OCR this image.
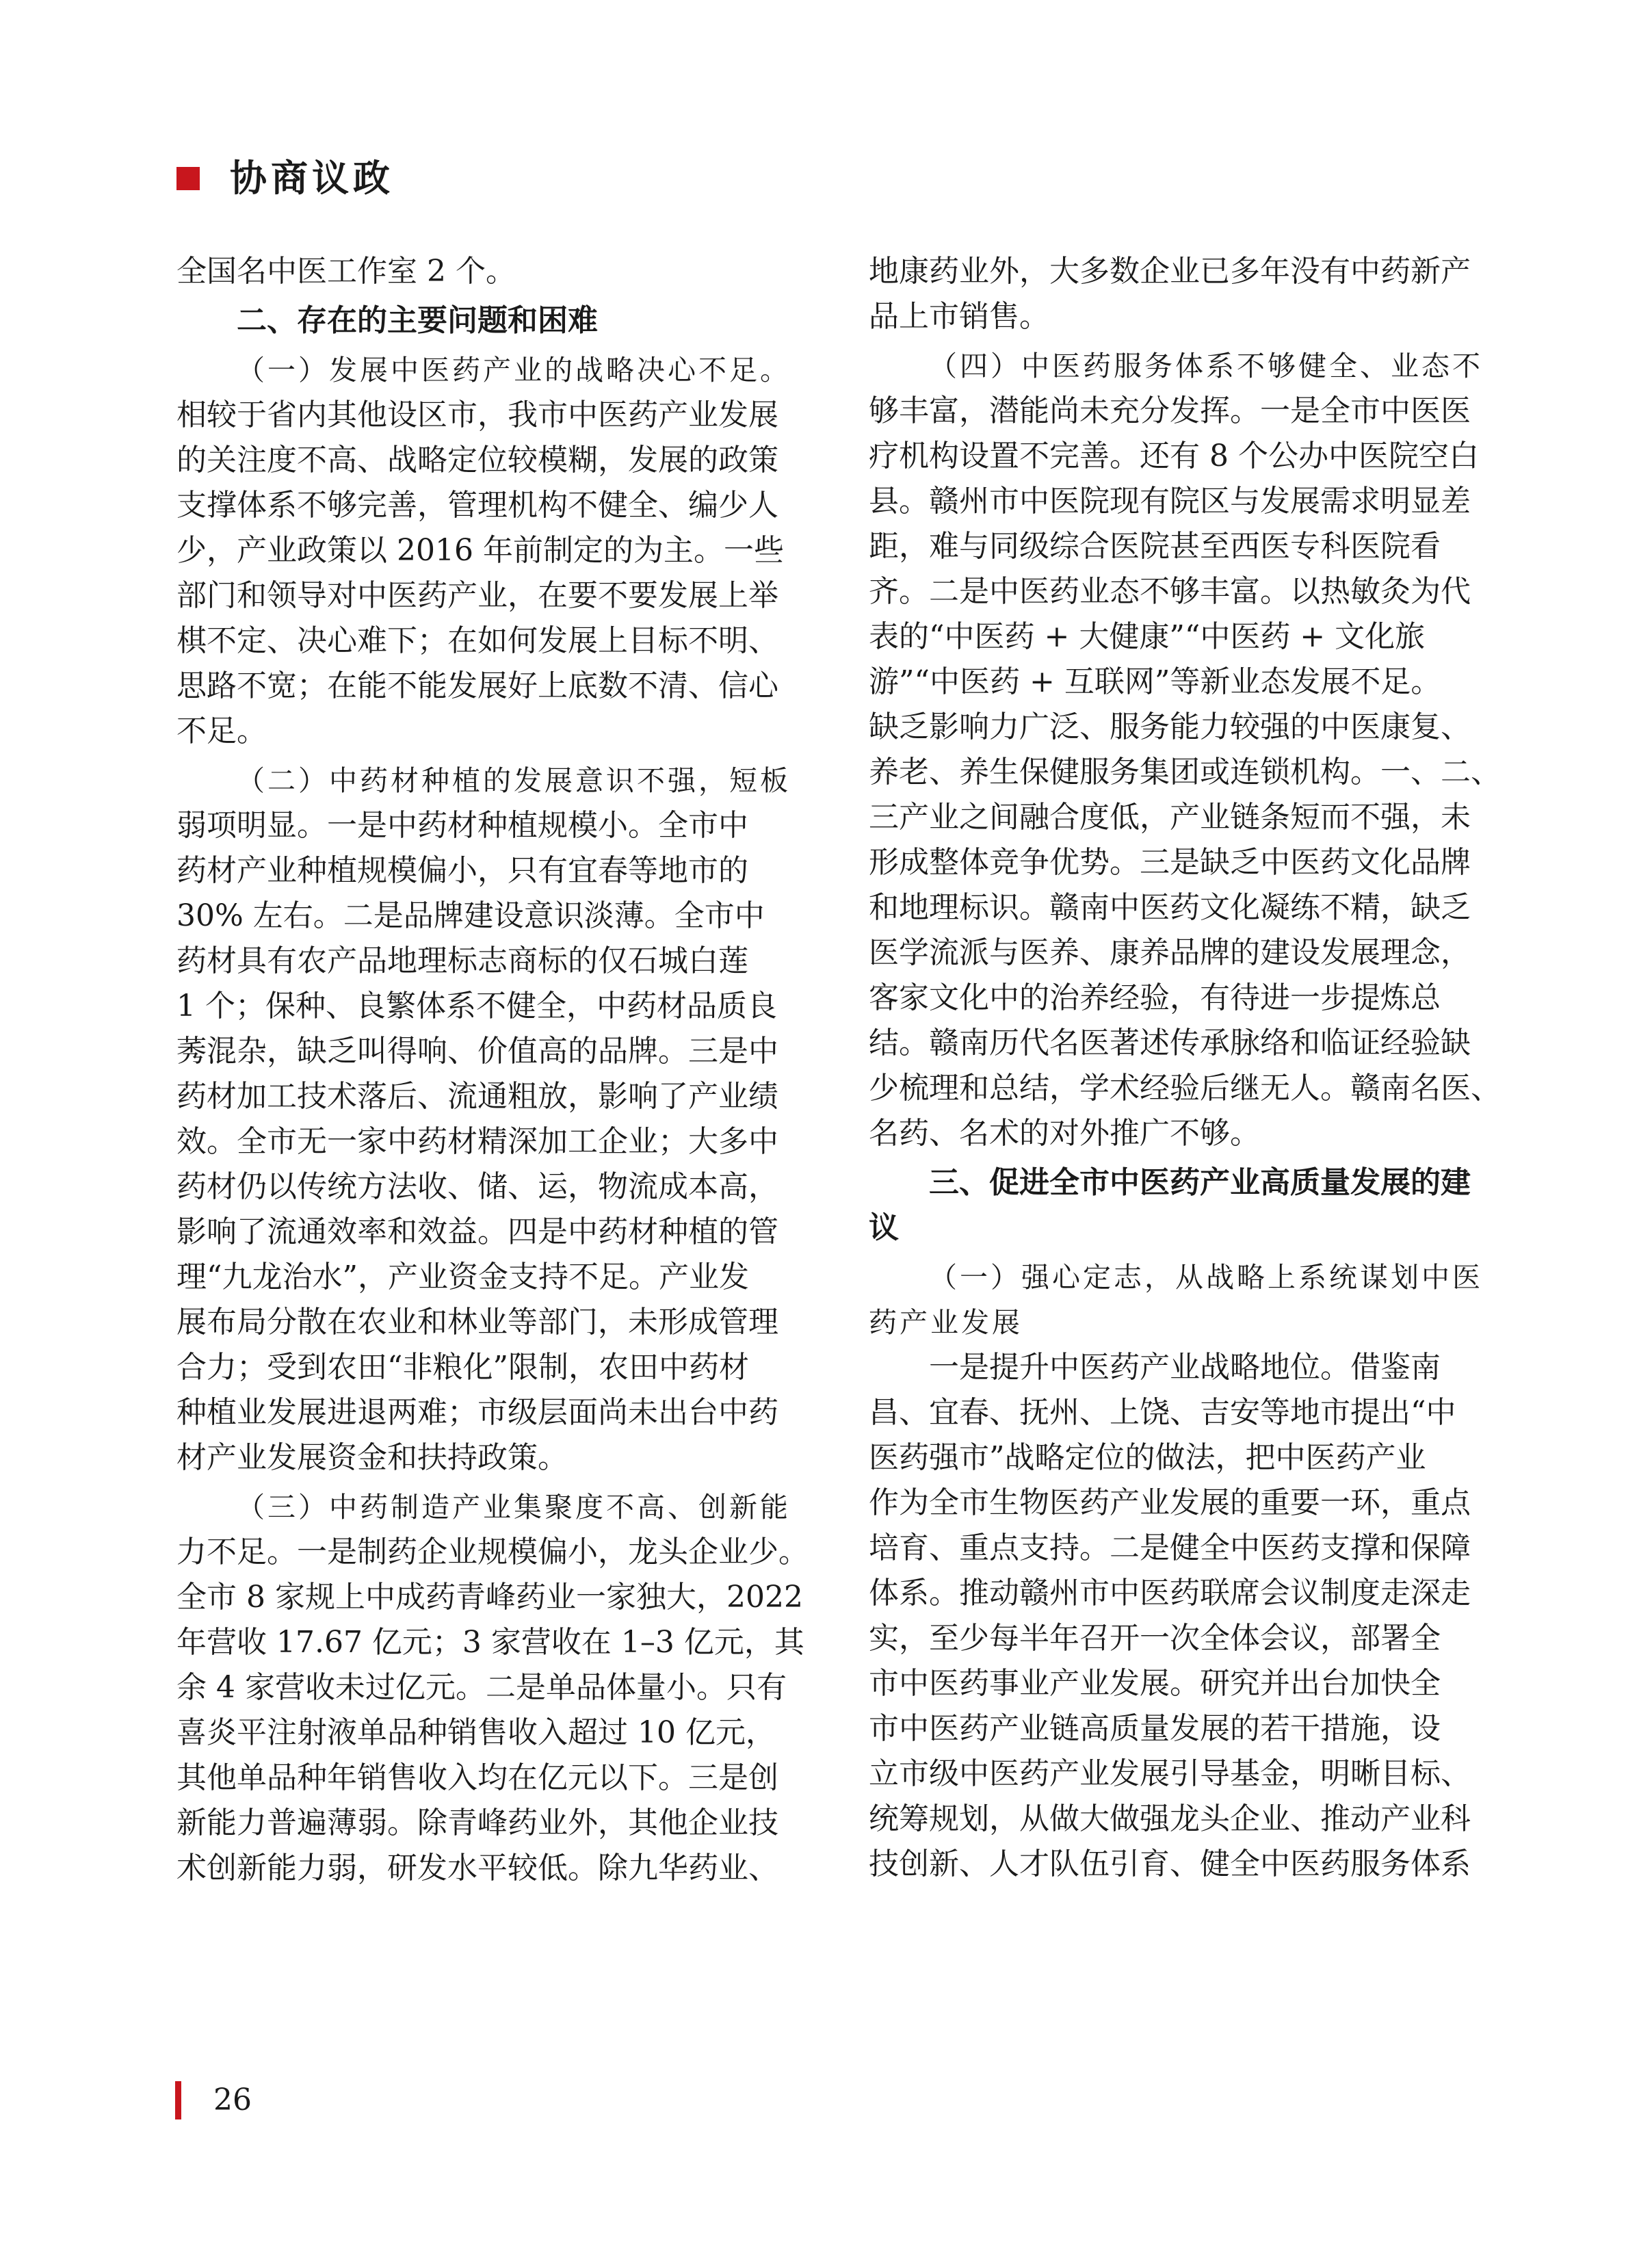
协商议政
全国名中医工作室 2 个。
二、存在的主要问题和困难
（一）发展中医药产业的战略决心不足。
相较于省内其他设区市，我市中医药产业发展
的关注度不高、战略定位较模糊，发展的政策
支撑体系不够完善，管理机构不健全、编少人
少，产业政策以 2016 年前制定的为主。一些
部门和领导对中医药产业，在要不要发展上举
棋不定、决心难下；在如何发展上目标不明、
思路不宽；在能不能发展好上底数不清、信心
不足。
（二）中药材种植的发展意识不强，短板
弱项明显。一是中药材种植规模小。全市中
药材产业种植规模偏小，只有宜春等地市的
30% 左右。二是品牌建设意识淡薄。全市中
药材具有农产品地理标志商标的仅石城白莲
1 个；保种、良繁体系不健全，中药材品质良
莠混杂，缺乏叫得响、价值高的品牌。三是中
药材加工技术落后、流通粗放，影响了产业绩
效。全市无一家中药材精深加工企业；大多中
药材仍以传统方法收、储、运，物流成本高，
影响了流通效率和效益。四是中药材种植的管
理“九龙治水”，产业资金支持不足。产业发
展布局分散在农业和林业等部门，未形成管理
合力；受到农田“非粮化”限制，农田中药材
种植业发展进退两难；市级层面尚未出台中药
材产业发展资金和扶持政策。
（三）中药制造产业集聚度不高、创新能
力不足。一是制药企业规模偏小，龙头企业少。
全市 8 家规上中成药青峰药业一家独大，2022
年营收 17.67 亿元；3 家营收在 1–3 亿元，其
余 4 家营收未过亿元。二是单品体量小。只有
喜炎平注射液单品种销售收入超过 10 亿元，
其他单品种年销售收入均在亿元以下。三是创
新能力普遍薄弱。除青峰药业外，其他企业技
术创新能力弱，研发水平较低。除九华药业、
地康药业外，大多数企业已多年没有中药新产
品上市销售。
（四）中医药服务体系不够健全、业态不
够丰富，潜能尚未充分发挥。一是全市中医医
疗机构设置不完善。还有 8 个公办中医院空白
县。赣州市中医院现有院区与发展需求明显差
距，难与同级综合医院甚至西医专科医院看
齐。二是中医药业态不够丰富。以热敏灸为代
表的“中医药 + 大健康”“中医药 + 文化旅
游”“中医药 + 互联网”等新业态发展不足。
缺乏影响力广泛、服务能力较强的中医康复、
养老、养生保健服务集团或连锁机构。一、二、
三产业之间融合度低，产业链条短而不强，未
形成整体竞争优势。三是缺乏中医药文化品牌
和地理标识。赣南中医药文化凝练不精，缺乏
医学流派与医养、康养品牌的建设发展理念，
客家文化中的治养经验，有待进一步提炼总
结。赣南历代名医著述传承脉络和临证经验缺
少梳理和总结，学术经验后继无人。赣南名医、
名药、名术的对外推广不够。
三、促进全市中医药产业高质量发展的建
议
（一）强心定志，从战略上系统谋划中医
药产业发展
一是提升中医药产业战略地位。借鉴南
昌、宜春、抚州、上饶、吉安等地市提出“中
医药强市”战略定位的做法，把中医药产业
作为全市生物医药产业发展的重要一环，重点
培育、重点支持。二是健全中医药支撑和保障
体系。推动赣州市中医药联席会议制度走深走
实，至少每半年召开一次全体会议，部署全
市中医药事业产业发展。研究并出台加快全
市中医药产业链高质量发展的若干措施，设
立市级中医药产业发展引导基金，明晰目标、
统筹规划，从做大做强龙头企业、推动产业科
技创新、人才队伍引育、健全中医药服务体系
26
